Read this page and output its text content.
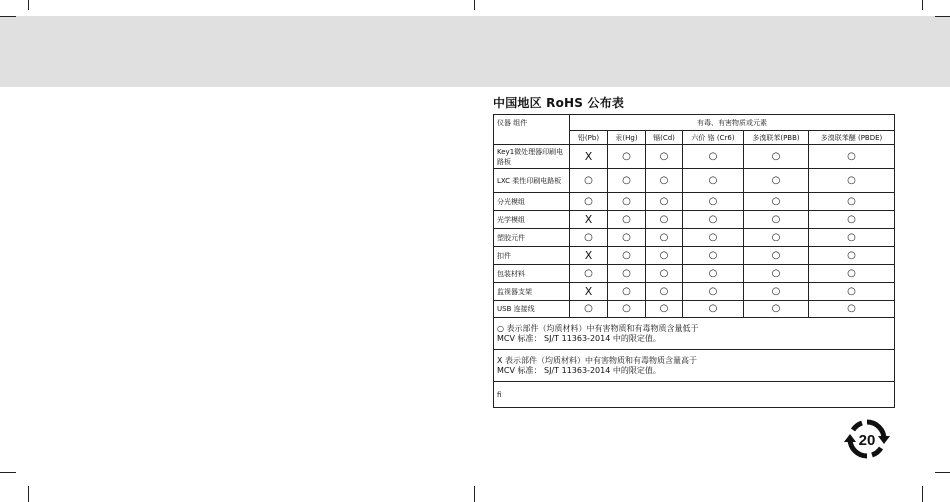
中国地区 RoHS 公布表
仪器 组件	有毒、有害物质或元素					
	铅(Pb)	汞(Hg)	镉(Cd)	六价 铬 (Cr6)	多溴联苯(PBB)	多溴联苯醚 (PBDE)
Key1微处理器印刷电路板	X	○	○	○	○	○
LXC 柔性印刷电路板	○	○	○	○	○	○
分光模组	○	○	○	○	○	○
光学模组	X	○	○	○	○	○
塑胶元件	○	○	○	○	○	○
扣件	X	○	○	○	○	○
包装材料	○	○	○	○	○	○
监视器支架	X	○	○	○	○	○
USB 连接线	○	○	○	○	○	○

○ 表示部件（均质材料）中有害物质和有毒物质含量低于
MCV 标准： SJ/T 11363-2014 中的限定值。						

X 表示部件（均质材料）中有害物质和有毒物质含量高于
MCV 标准： SJ/T 11363-2014 中的限定值。						

fi						
20
